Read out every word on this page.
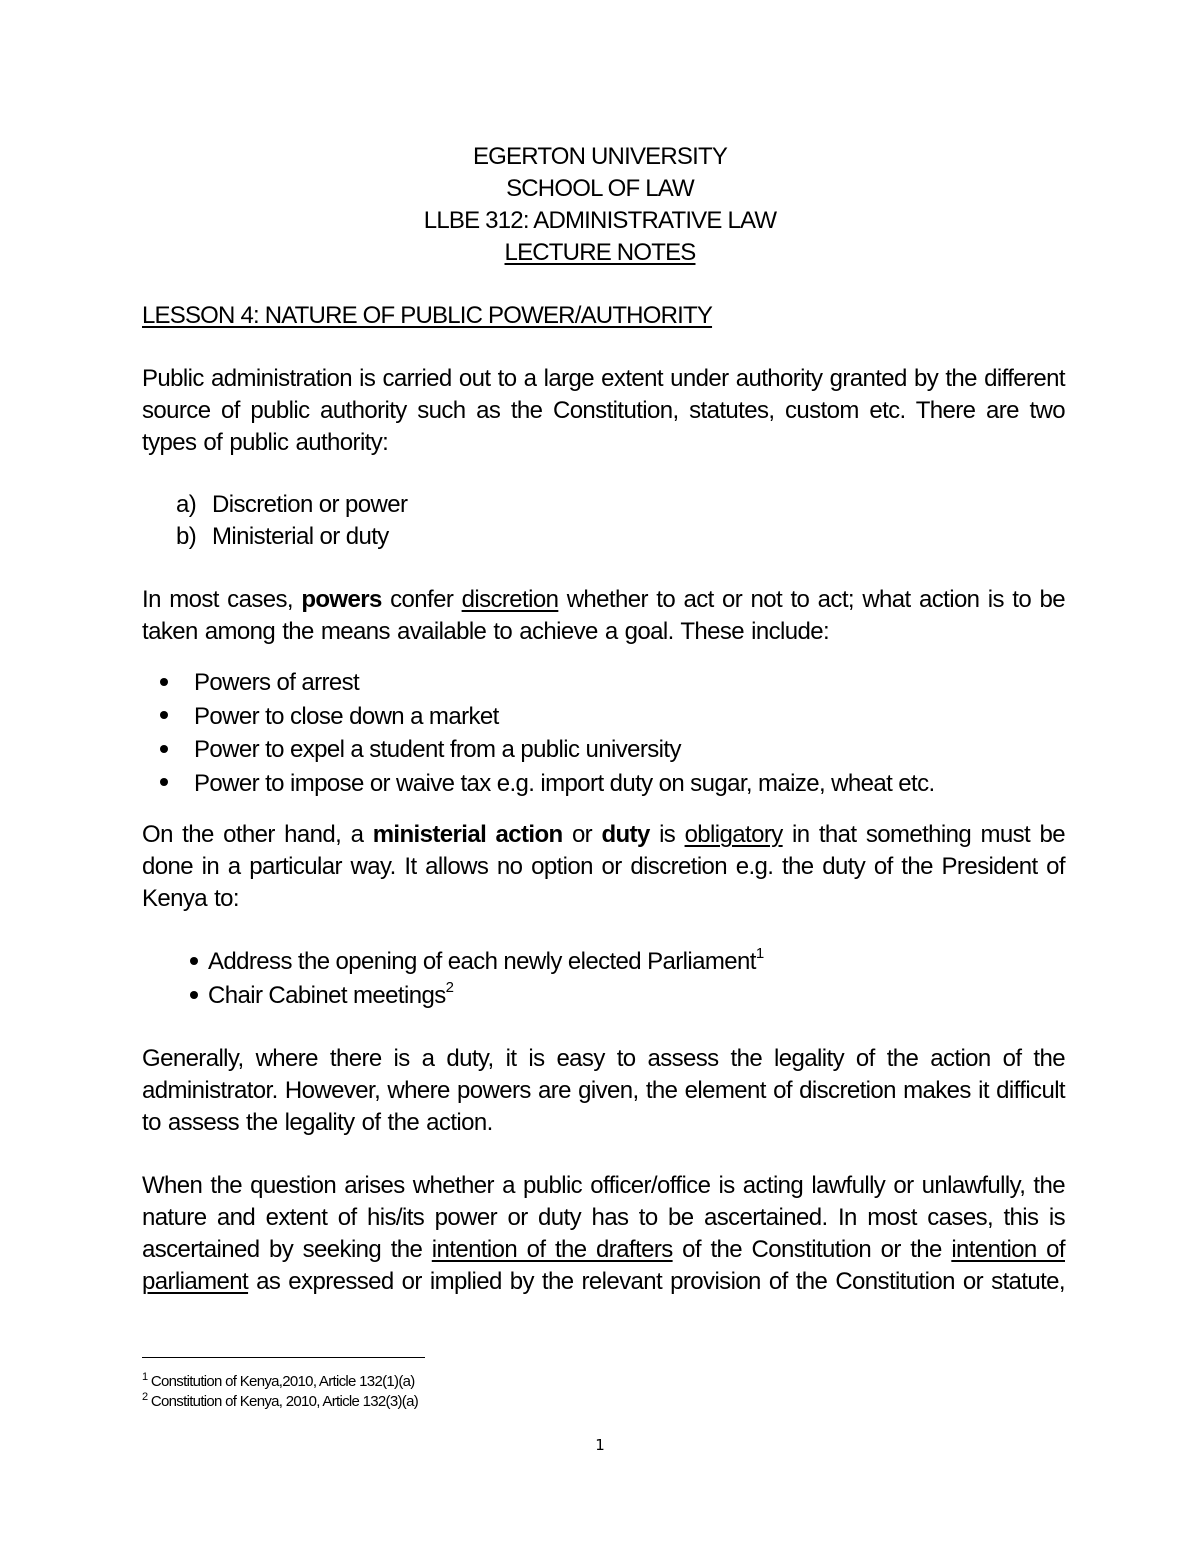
EGERTON UNIVERSITY
SCHOOL OF LAW
LLBE 312: ADMINISTRATIVE LAW
LECTURE NOTES
LESSON 4: NATURE OF PUBLIC POWER/AUTHORITY
Public administration is carried out to a large extent under authority granted by the different
source of public authority such as the Constitution, statutes, custom etc. There are two
types of public authority:
a) Discretion or power
b) Ministerial or duty
In most cases, powers confer discretion whether to act or not to act; what action is to be
taken among the means available to achieve a goal. These include:
Powers of arrest
Power to close down a market
Power to expel a student from a public university
Power to impose or waive tax e.g. import duty on sugar, maize, wheat etc.
On the other hand, a ministerial action or duty is obligatory in that something must be
done in a particular way. It allows no option or discretion e.g. the duty of the President of
Kenya to:
Address the opening of each newly elected Parliament$^1$
Chair Cabinet meetings$^2$
Generally, where there is a duty, it is easy to assess the legality of the action of the
administrator. However, where powers are given, the element of discretion makes it difficult
to assess the legality of the action.
When the question arises whether a public officer/office is acting lawfully or unlawfully, the
nature and extent of his/its power or duty has to be ascertained. In most cases, this is
ascertained by seeking the intention of the drafters of the Constitution or the intention of
parliament as expressed or implied by the relevant provision of the Constitution or statute,
$^1$ Constitution of Kenya,2010, Article 132(1)(a)
$^2$ Constitution of Kenya, 2010, Article 132(3)(a)
1
